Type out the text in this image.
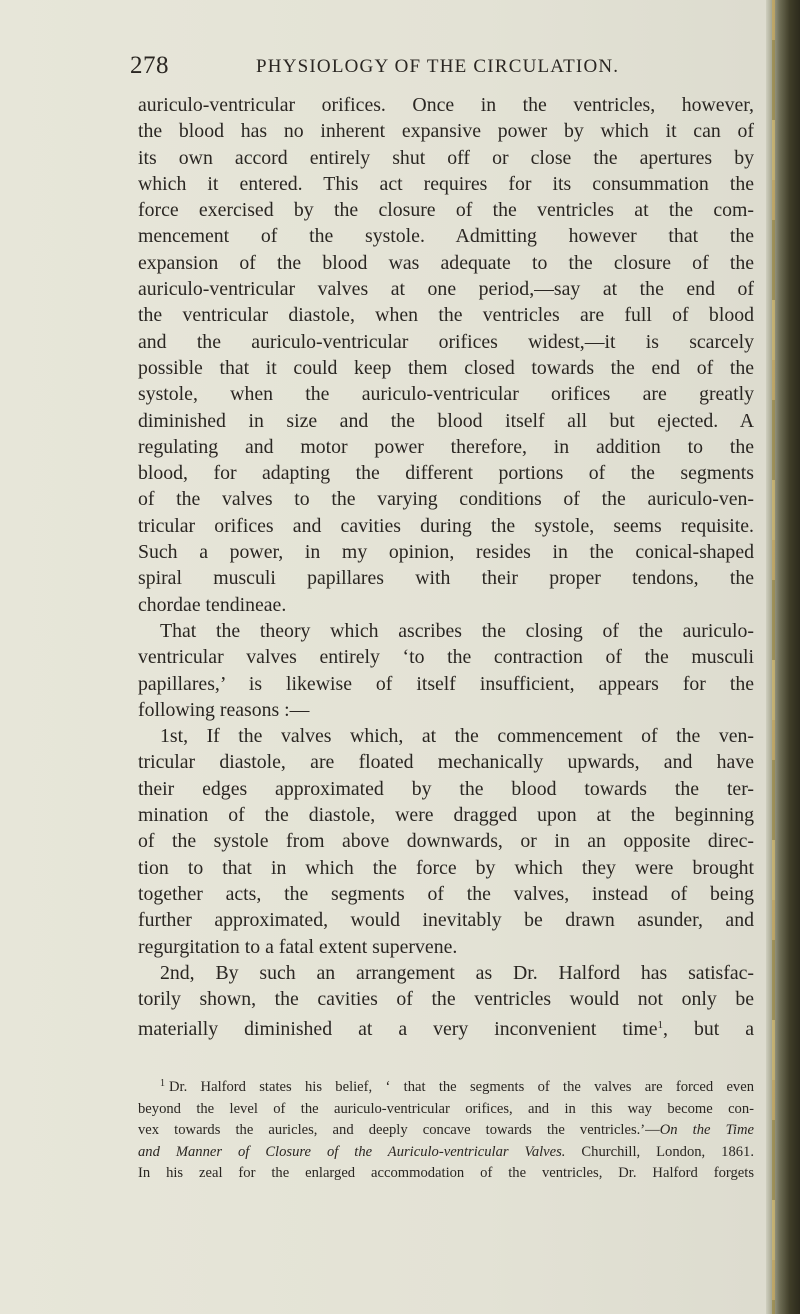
278	PHYSIOLOGY OF THE CIRCULATION.
auriculo-ventricular orifices. Once in the ventricles, however,
the blood has no inherent expansive power by which it can of
its own accord entirely shut off or close the apertures by
which it entered. This act requires for its consummation the
force exercised by the closure of the ventricles at the com-
mencement of the systole. Admitting however that the
expansion of the blood was adequate to the closure of the
auriculo-ventricular valves at one period,—say at the end of
the ventricular diastole, when the ventricles are full of blood
and the auriculo-ventricular orifices widest,—it is scarcely
possible that it could keep them closed towards the end of the
systole, when the auriculo-ventricular orifices are greatly
diminished in size and the blood itself all but ejected. A
regulating and motor power therefore, in addition to the
blood, for adapting the different portions of the segments
of the valves to the varying conditions of the auriculo-ven-
tricular orifices and cavities during the systole, seems requisite.
Such a power, in my opinion, resides in the conical-shaped
spiral musculi papillares with their proper tendons, the
chordae tendineae.
That the theory which ascribes the closing of the auriculo-
ventricular valves entirely ‘to the contraction of the musculi
papillares,’ is likewise of itself insufficient, appears for the
following reasons :—
1st, If the valves which, at the commencement of the ven-
tricular diastole, are floated mechanically upwards, and have
their edges approximated by the blood towards the ter-
mination of the diastole, were dragged upon at the beginning
of the systole from above downwards, or in an opposite direc-
tion to that in which the force by which they were brought
together acts, the segments of the valves, instead of being
further approximated, would inevitably be drawn asunder, and
regurgitation to a fatal extent supervene.
2nd, By such an arrangement as Dr. Halford has satisfac-
torily shown, the cavities of the ventricles would not only be
materially diminished at a very inconvenient time$^1$, but a
$^1$ Dr. Halford states his belief, ‘ that the segments of the valves are forced even
beyond the level of the auriculo-ventricular orifices, and in this way become con-
vex towards the auricles, and deeply concave towards the ventricles.’—On the Time
and Manner of Closure of the Auriculo-ventricular Valves. Churchill, London, 1861.
In his zeal for the enlarged accommodation of the ventricles, Dr. Halford forgets
